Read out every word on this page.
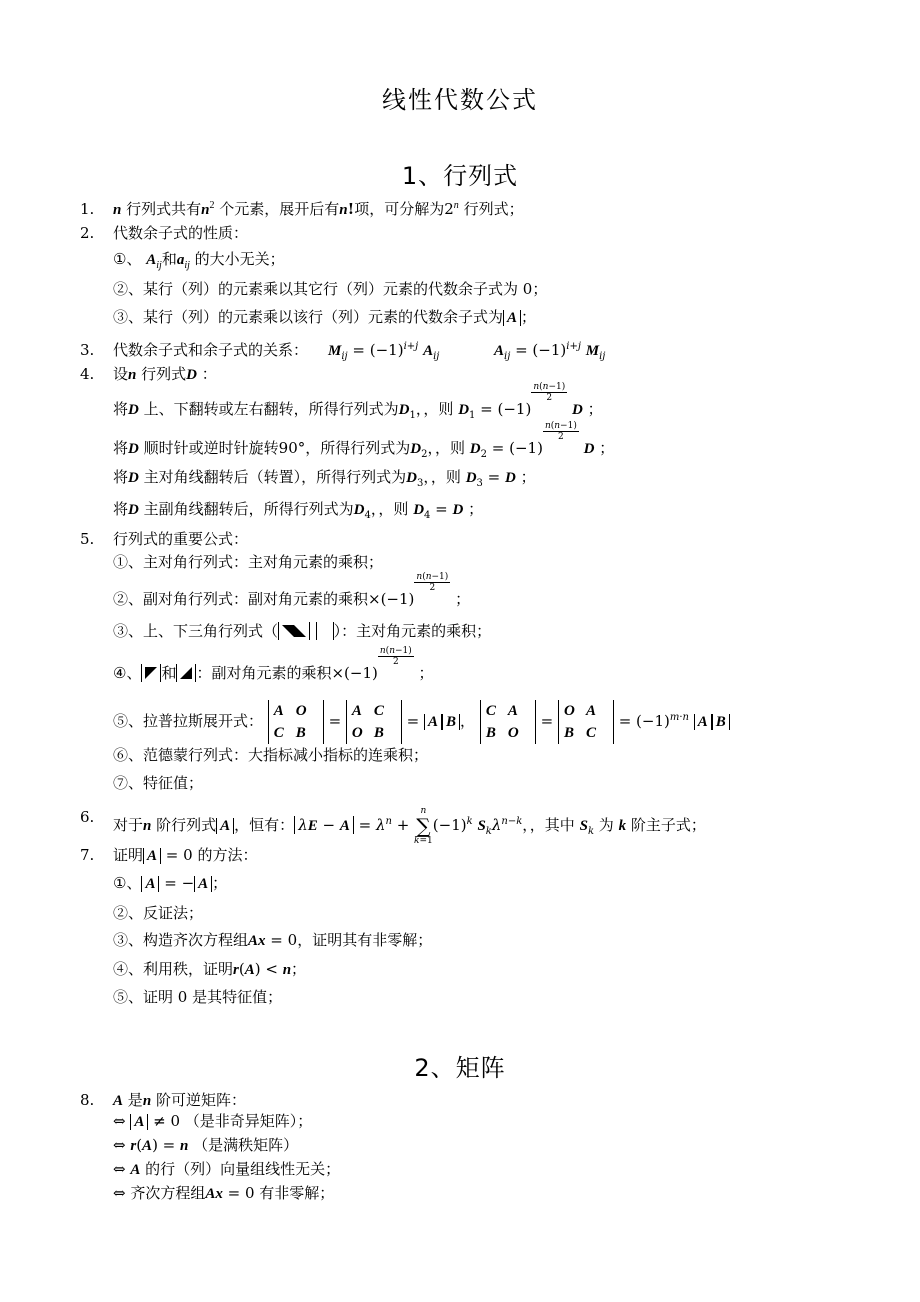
线性代数公式
1、行列式
1.	n 行列式共有$n^2$ 个元素，展开后有n!项，可分解为2$^n$ 行列式；
2.	代数余子式的性质：
①、 $A_{ij}$和$a_{ij}$ 的大小无关；
②、某行（列）的元素乘以其它行（列）元素的代数余子式为 0；
③、某行（列）的元素乘以该行（列）元素的代数余子式为 A ；
3.	代数余子式和余子式的关系： $M_{ij} = (-1)^{i+j}$ $A_{ij}$	$A_{ij} = (-1)^{i+j}$ $M_{ij}$
4.	设n 行列式D ：
将D 上、下翻转或左右翻转，所得行列式为$D_1$，，则 $D_1 = (-1)$
$\frac{n(n-1)}{2}$
D ；
将D 顺时针或逆时针旋转90°，所得行列式为$D_2$，，则 $D_2 = (-1)$
$\frac{n(n-1)}{2}$
D ；
将D 主对角线翻转后（转置），所得行列式为$D_3$，，则 $D_3 = D$ ；
将D 主副角线翻转后，所得行列式为$D_4$，，则 $D_4 = D$ ；
5.	行列式的重要公式：
①、主对角行列式：主对角元素的乘积；
②、副对角行列式：副对角元素的乘积×(−1)
$\frac{n(n-1)}{2}$
；
③、上、下三角行列式（	）：主对角元素的乘积；
④、 和 ：副对角元素的乘积×(−1)
$\frac{n(n-1)}{2}$
；
⑤、拉普拉斯展开式：
A O
C B
=
A C
O B
= A B ，
C A
B O
=
O A
B C
= $(-1)^{m\cdot n}$ A B
⑥、范德蒙行列式：大指标减小指标的连乘积；
⑦、特征值；
6.	对于n 阶行列式 A ，恒有： $\lambda E - A = \lambda^n + n$
∑
$k=1(-1)^k$ $S_k\lambda^{n-k}$，，其中 $S_k$ 为 k 阶主子式；
7.	证明 A = 0 的方法：
①、 A = − A ；
②、反证法；
③、构造齐次方程组Ax = 0，证明其有非零解；
④、利用秩，证明r(A) < n；
⑤、证明 0 是其特征值；
2、矩阵
8.	A 是n 阶可逆矩阵：
⇔ A ≠ 0 （是非奇异矩阵）；
⇔ r(A) = n （是满秩矩阵）
⇔ A 的行（列）向量组线性无关；
⇔ 齐次方程组Ax = 0 有非零解；
